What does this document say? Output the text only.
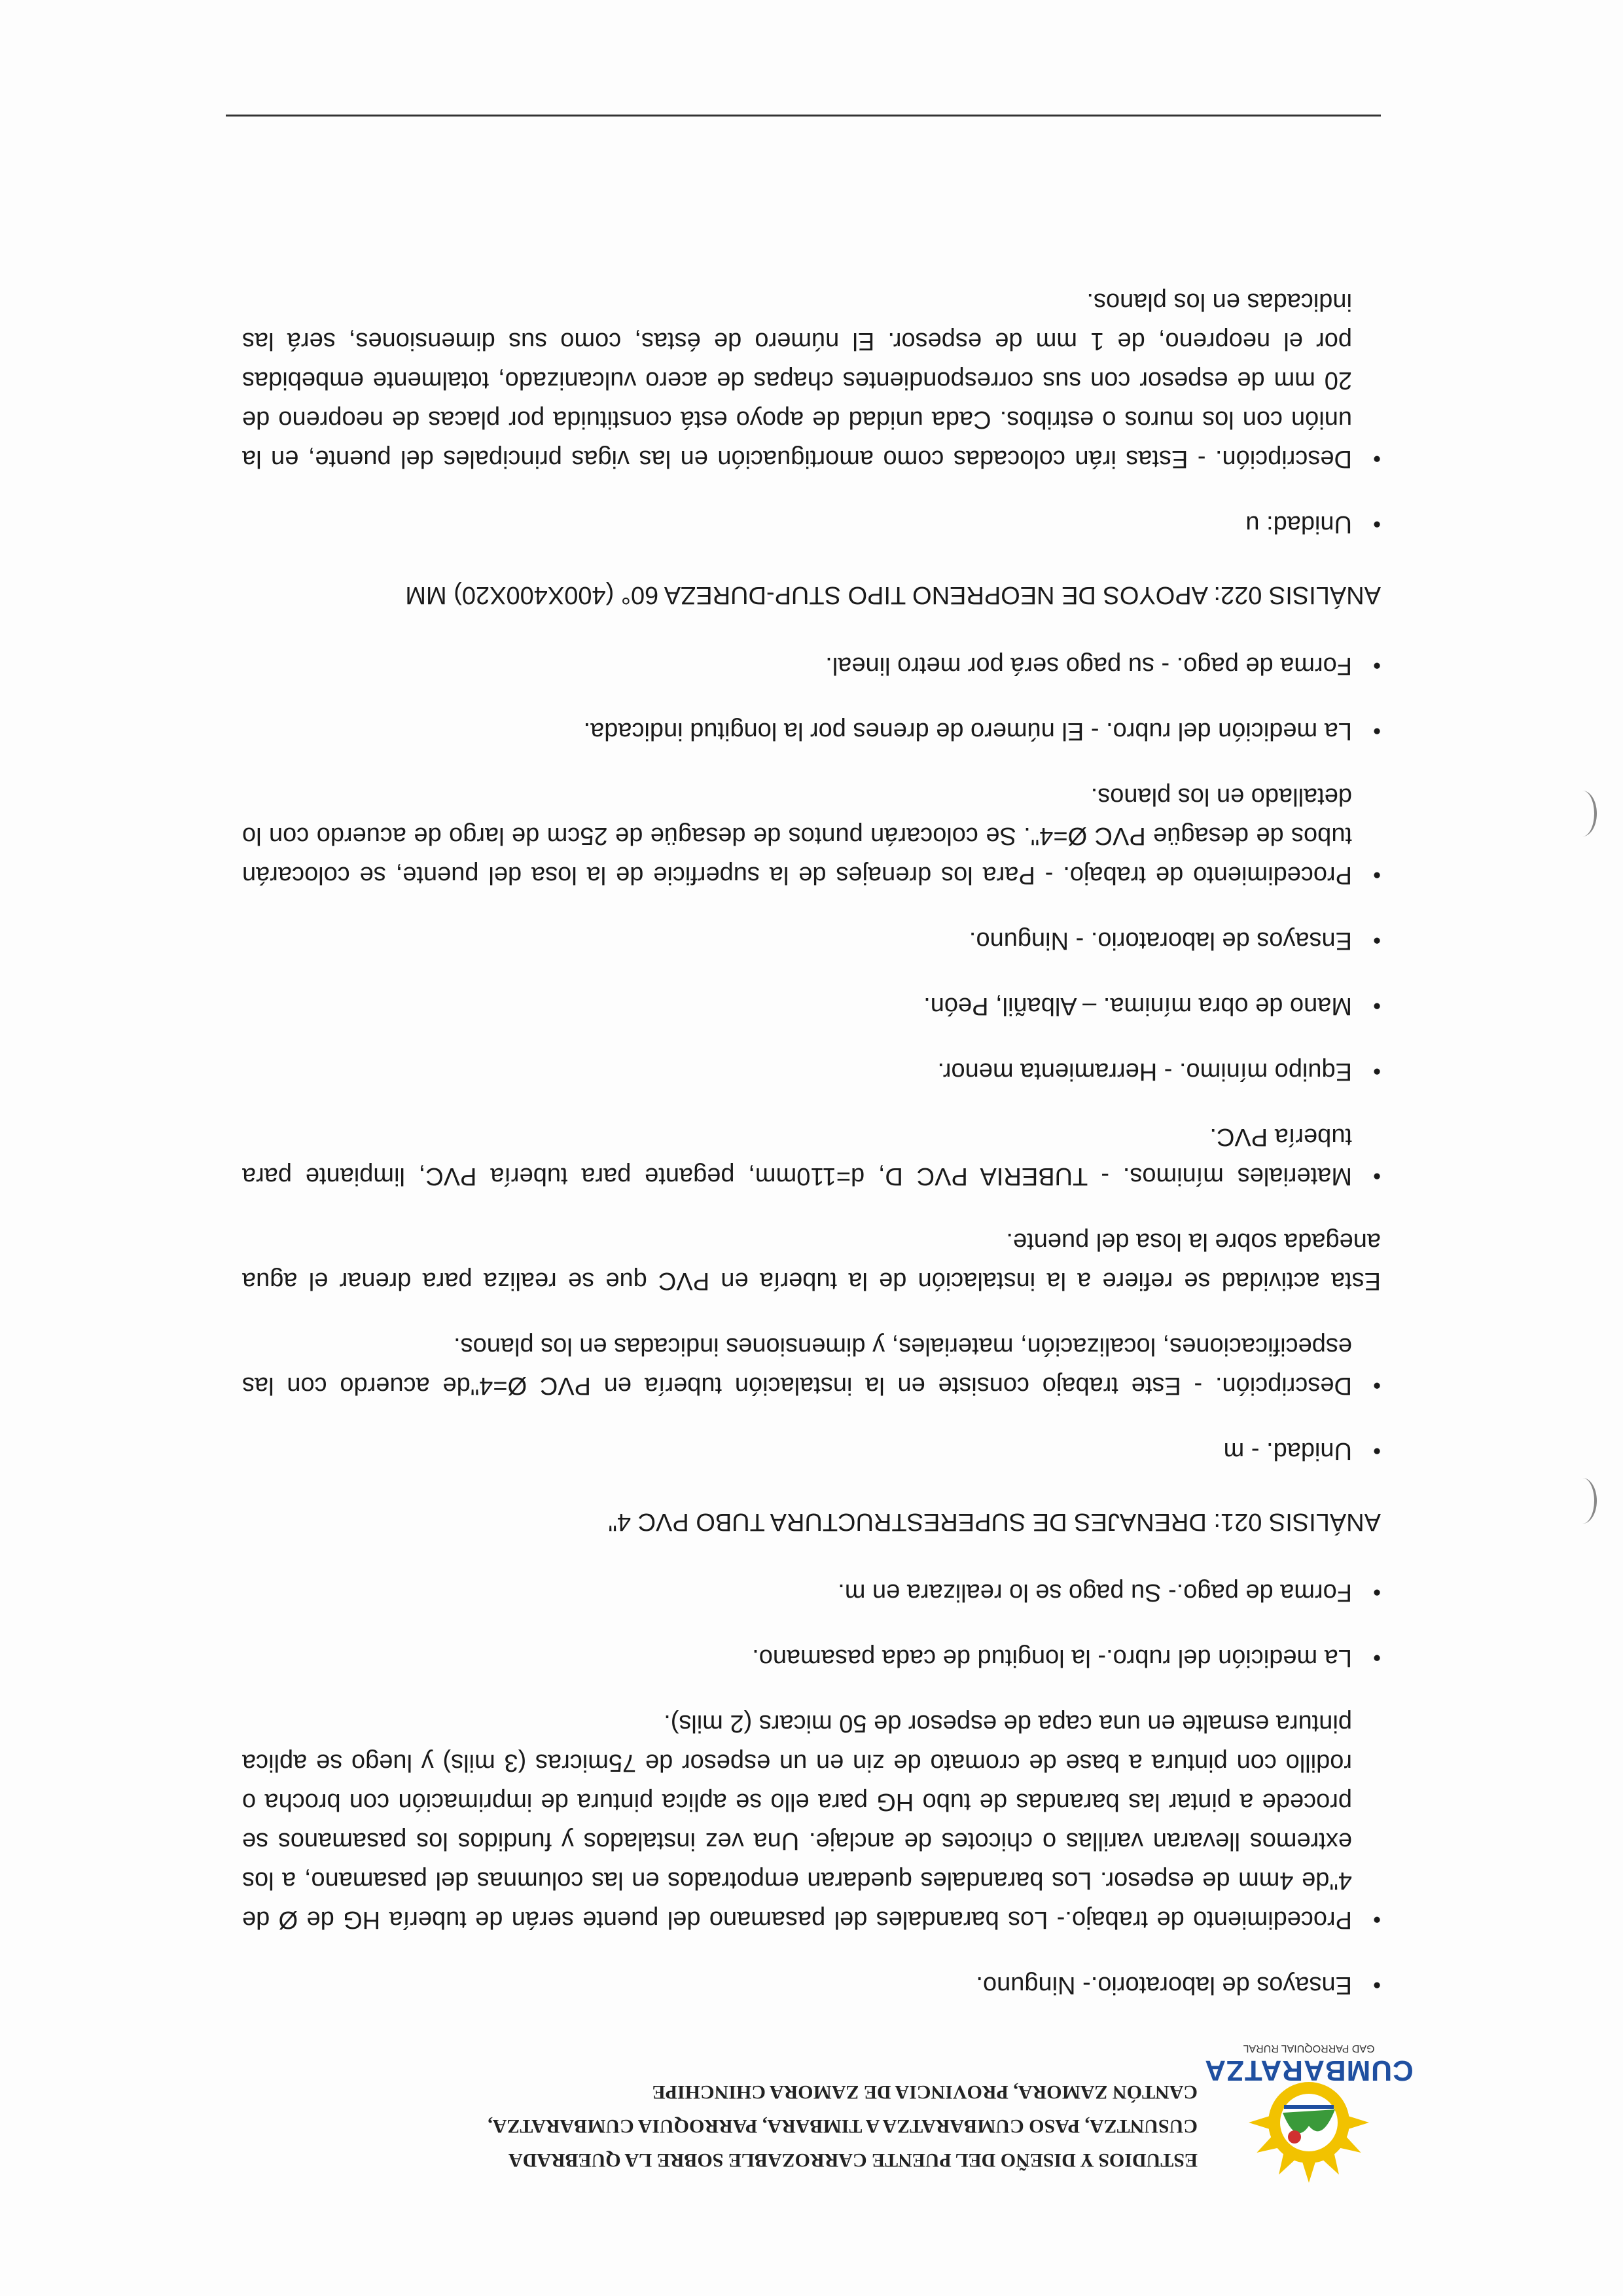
CUMBARATZA
GAD PARROQUIAL RURAL
ESTUDIOS Y DISEÑO DEL PUENTE CARROZABLE SOBRE LA QUEBRADA
CUSUNTZA, PASO CUMBARATZA A TIMBARA, PARROQUIA CUMBARATZA,
CANTÓN ZAMORA, PROVINCIA DE ZAMORA CHINCHIPE
• Ensayos de laboratorio.- Ninguno.
• Procedimiento de trabajo.- Los barandales del pasamano del puente serán de tubería HG de Ø de 4"de 4mm de espesor. Los barandales quedaran empotrados en las columnas del pasamano, a los extremos llevaran varillas o chicotes de anclaje. Una vez instalados y fundidos los pasamanos se procede a pintar las barandas de tubo HG para ello se aplica pintura de imprimación con brocha o rodillo con pintura a base de cromato de zin en un espesor de 75micras (3 mils) y luego se aplica pintura esmalte en una capa de espesor de 50 micars (2 mils).
• La medición del rubro.- la longitud de cada pasamano.
• Forma de pago.- Su pago se lo realizara en m.
ANÁLISIS 021: DRENAJES DE SUPERESTRUCTURA TUBO PVC 4"
• Unidad. - m
• Descripción. - Este trabajo consiste en la instalación tubería en PVC Ø=4"de acuerdo con las especificaciones, localización, materiales, y dimensiones indicadas en los planos.
Esta actividad se refiere a la instalación de la tubería en PVC que se realiza para drenar el agua anegada sobre la losa del puente.
• Materiales mínimos. - TUBERIA PVC D, d=110mm, pegante para tubería PVC, limpiante para tubería PVC.
• Equipo mínimo. - Herramienta menor.
• Mano de obra mínima. – Albañil, Peón.
• Ensayos de laboratorio. - Ninguno.
• Procedimiento de trabajo. - Para los drenajes de la superficie de la losa del puente, se colocarán tubos de desagüe PVC Ø=4". Se colocarán puntos de desagüe de 25cm de largo de acuerdo con lo detallado en los planos.
• La medición del rubro. - El número de drenes por la longitud indicada.
• Forma de pago. - su pago será por metro lineal.
ANÁLISIS 022: APOYOS DE NEOPRENO TIPO STUP-DUREZA 60° (400X400X20) MM
• Unidad: u
• Descripción. - Estas irán colocadas como amortiguación en las vigas principales del puente, en la unión con los muros o estribos. Cada unidad de apoyo está constituida por placas de neopreno de 20 mm de espesor con sus correspondientes chapas de acero vulcanizado, totalmente embebidas por el neopreno, de 1 mm de espesor. El número de éstas, como sus dimensiones, será las indicadas en los planos.
